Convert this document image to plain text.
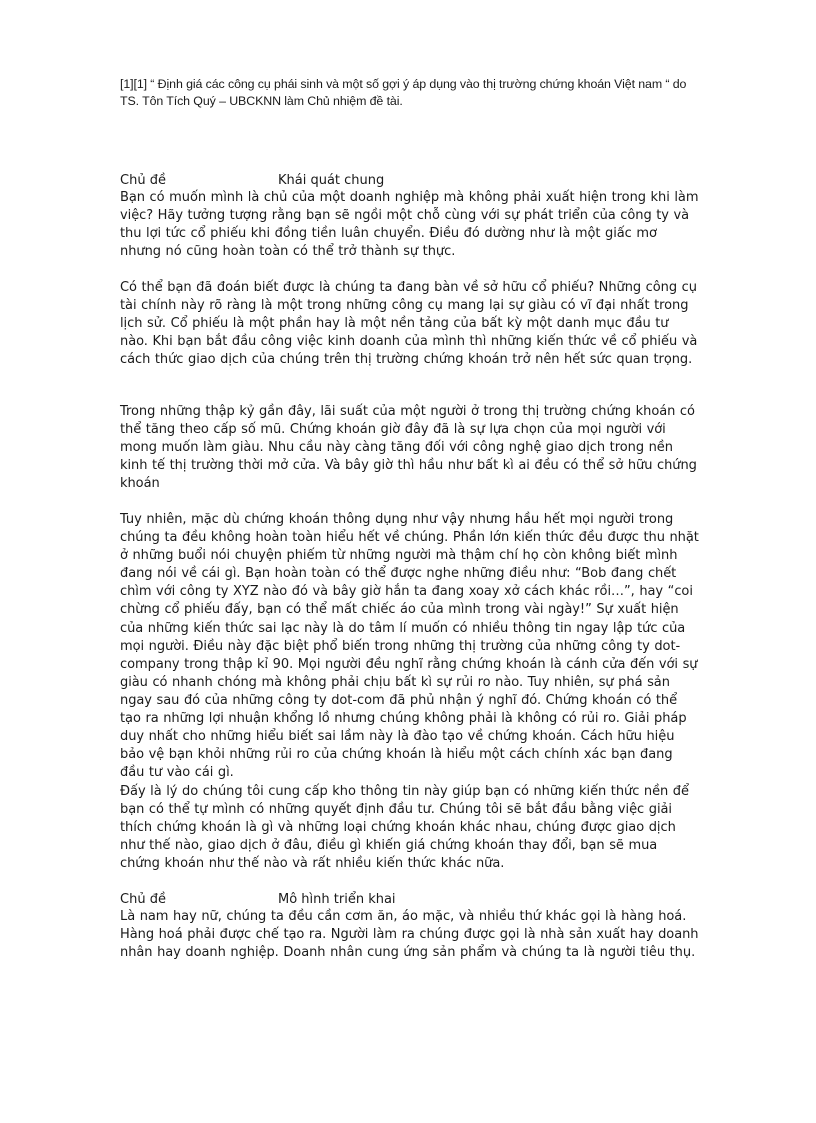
[1][1] “ Định giá các công cụ phái sinh và một số gợi ý áp dụng vào thị trường chứng khoán Việt nam “ do TS. Tôn Tích Quý – UBCKNN làm Chủ nhiệm đề tài.
Chủ đề	Khái quát chung
Bạn có muốn mình là chủ của một doanh nghiệp mà không phải xuất hiện trong khi làm việc? Hãy tưởng tượng rằng bạn sẽ ngồi một chỗ cùng với sự phát triển của công ty và thu lợi tức cổ phiếu khi đồng tiền luân chuyển. Điều đó dường như là một giấc mơ nhưng nó cũng hoàn toàn có thể trở thành sự thực.
Có thể bạn đã đoán biết được là chúng ta đang bàn về sở hữu cổ phiếu? Những công cụ tài chính này rõ ràng là một trong những công cụ mang lại sự giàu có vĩ đại nhất trong lịch sử. Cổ phiếu là một phần hay là một nền tảng của bất kỳ một danh mục đầu tư nào. Khi bạn bắt đầu công việc kinh doanh của mình thì những kiến thức về cổ phiếu và cách thức giao dịch của chúng trên thị trường chứng khoán trở nên hết sức quan trọng.
Trong những thập kỷ gần đây, lãi suất của một người ở trong thị trường chứng khoán có thể tăng theo cấp số mũ. Chứng khoán giờ đây đã là sự lựa chọn của mọi người với mong muốn làm giàu. Nhu cầu này càng tăng đối với công nghệ giao dịch trong nền kinh tế thị trường thời mở cửa. Và bây giờ thì hầu như bất kì ai đều có thể sở hữu chứng khoán
Tuy nhiên, mặc dù chứng khoán thông dụng như vậy nhưng hầu hết mọi người trong chúng ta đều không hoàn toàn hiểu hết về chúng. Phần lớn kiến thức đều được thu nhặt ở những buổi nói chuyện phiếm từ những người mà thậm chí họ còn không biết mình đang nói về cái gì. Bạn hoàn toàn có thể được nghe những điều như: “Bob đang chết chìm với công ty XYZ nào đó và bây giờ hắn ta đang xoay xở cách khác rồi…”, hay “coi chừng cổ phiếu đấy, bạn có thể mất chiếc áo của mình trong vài ngày!” Sự xuất hiện của những kiến thức sai lạc này là do tâm lí muốn có nhiều thông tin ngay lập tức của mọi người. Điều này đặc biệt phổ biến trong những thị trường của những công ty dot-company trong thập kỉ 90. Mọi người đều nghĩ rằng chứng khoán là cánh cửa đến với sự giàu có nhanh chóng mà không phải chịu bất kì sự rủi ro nào. Tuy nhiên, sự phá sản ngay sau đó của những công ty dot-com đã phủ nhận ý nghĩ đó. Chứng khoán có thể tạo ra những lợi nhuận khổng lồ nhưng chúng không phải là không có rủi ro. Giải pháp duy nhất cho những hiểu biết sai lầm này là đào tạo về chứng khoán. Cách hữu hiệu bảo vệ bạn khỏi những rủi ro của chứng khoán là hiểu một cách chính xác bạn đang đầu tư vào cái gì.
Đấy là lý do chúng tôi cung cấp kho thông tin này giúp bạn có những kiến thức nền để bạn có thể tự mình có những quyết định đầu tư. Chúng tôi sẽ bắt đầu bằng việc giải thích chứng khoán là gì và những loại chứng khoán khác nhau, chúng được giao dịch như thế nào, giao dịch ở đâu, điều gì khiến giá chứng khoán thay đổi, bạn sẽ mua chứng khoán như thế nào và rất nhiều kiến thức khác nữa.
Chủ đề	Mô hình triển khai
Là nam hay nữ, chúng ta đều cần cơm ăn, áo mặc, và nhiều thứ khác gọi là hàng hoá. Hàng hoá phải được chế tạo ra. Người làm ra chúng được gọi là nhà sản xuất hay doanh nhân hay doanh nghiệp. Doanh nhân cung ứng sản phẩm và chúng ta là người tiêu thụ.
